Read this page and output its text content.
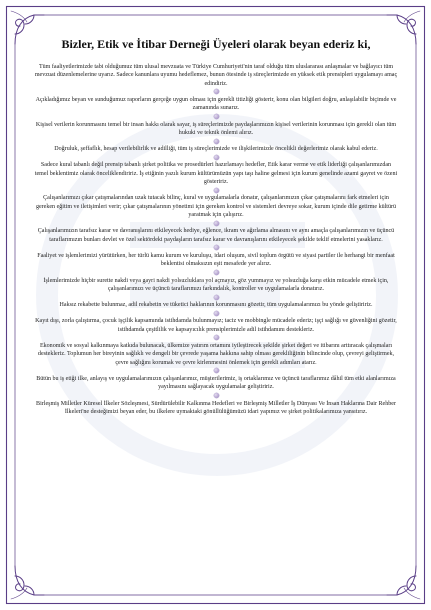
Bizler, Etik ve İtibar Derneği Üyeleri olarak beyan ederiz ki,

Tüm faaliyetlerimizde tabi olduğumuz tüm ulusal mevzuata ve Türkiye Cumhuriyeti'nin taraf olduğu tüm uluslararası anlaşmalar ve bağlayıcı tüm mevzuat düzenlemelerine uyarız. Sadece kanunlara uyumu hedeflemez, bunun ötesinde iş süreçlerimizde en yüksek etik prensipleri uygulamayı amaç edindiriz.

Açıkladığımız beyan ve sunduğumuz raporların gerçeğe uygun olması için gerekli titizliği gösterir, konu olan bilgileri doğru, anlaşılabilir biçimde ve zamanında sunarız.

Kişisel verilerin korunmasını temel bir insan hakkı olarak sayar, iş süreçlerimizde paydaşlarımızın kişisel verilerinin korunması için gerekli olan tüm hukuki ve teknik önlemi alırız.

Doğruluk, şeffaflık, hesap verilebilirlik ve adilliği, tüm iş süreçlerimizde ve ilişkilerimizde öncelikli değerlerimiz olarak kabul ederiz.

Sadece kural tabanlı değil prensip tabanlı şirket politika ve prosedürleri hazırlamayı hedefler, Etik karar verme ve etik liderliği çalışanlarımızdan temel beklentimiz olarak önceliklendiririz. İş etiğinin yazılı kurum kültürümüzün yapı taşı haline gelmesi için kurum genelinde azami gayret ve özeni gösteririz.

Çalışanlarımızı çıkar çatışmalarından uzak tutacak bilinç, kural ve uygulamalarla donatır, çalışanlarımızın çıkar çatışmalarını fark etmeleri için gereken eğitim ve iletişimleri verir; çıkar çatışmalarının yönetimi için gereken kontrol ve sistemleri devreye sokar, kurum içinde dile getirme kültürü yaratmak için çalışırız.

Çalışanlarımızın tarafsız karar ve davranışlarını etkileyecek hediye, eğlence, ikram ve ağırlama almasını ve aynı amaçla çalışanlarımızın ve üçüncü taraflarımızın bunları devlet ve özel sektördeki paydaşların tarafsız karar ve davranışlarını etkileyecek şekilde teklif etmelerini yasaklarız.

Faaliyet ve işlemlerimizi yürütürken, her türlü kamu kurum ve kuruluşu, idari oluşum, sivil toplum örgütü ve siyasi partiler ile herhangi bir menfaat beklentisi olmaksızın eşit mesafede yer alırız.

İşlemlerimizde hiçbir surette nakdi veya gayri nakdi yolsuzluklara yol açmayız, göz yummayız ve yolsuzluğa karşı etkin mücadele etmek için, çalışanlarımızı ve üçüncü taraflarımızı farkındalık, kontroller ve uygulamalarla donatırız.

Haksız rekabette bulunmaz, adil rekabetin ve tüketici haklarının korunmasını gözetir, tüm uygulamalarımızı bu yönde geliştiririz.

Kayıt dışı, zorla çalıştırma, çocuk işçilik kapsamında istihdamda bulunmayız; taciz ve mobbingle mücadele ederiz; işçi sağlığı ve güvenliğini gözetir, istihdamda çeşitlilik ve kapsayıcılık prensiplerimizle adil istihdamını destekleriz.

Ekonomik ve sosyal kalkınmaya katkıda bulunacak, ülkemize yatırım ortamını iyileştirecek şekilde şirket değeri ve itibarını arttıracak çalışmaları destekleriz. Toplumun her bireyinin sağlıklı ve dengeli bir çevrede yaşama hakkına sahip olması gerekliliğinin bilincinde olup, çevreyi geliştirmek, çevre sağlığını korumak ve çevre kirlenmesini önlemek için gerekli adımları atarız.

Bütün bu iş etiği ilke, anlayış ve uygulamalarımızın çalışanlarımız, müşterilerimiz, iş ortaklarımız ve üçüncü taraflarımız dâhil tüm etki alanlarımıza yayılmasını sağlayacak uygulamalar geliştiririz.

Birleşmiş Milletler Küresel İlkeler Sözleşmesi, Sürdürülebilir Kalkınma Hedefleri ve Birleşmiş Milletler İş Dünyası Ve İnsan Haklarına Dair Rehber İlkeleri'ne desteğimizi beyan eder, bu ilkelere uymaktaki gönüllülüğümüzü idari yapımız ve şirket politikalarımıza yansıtırız.
